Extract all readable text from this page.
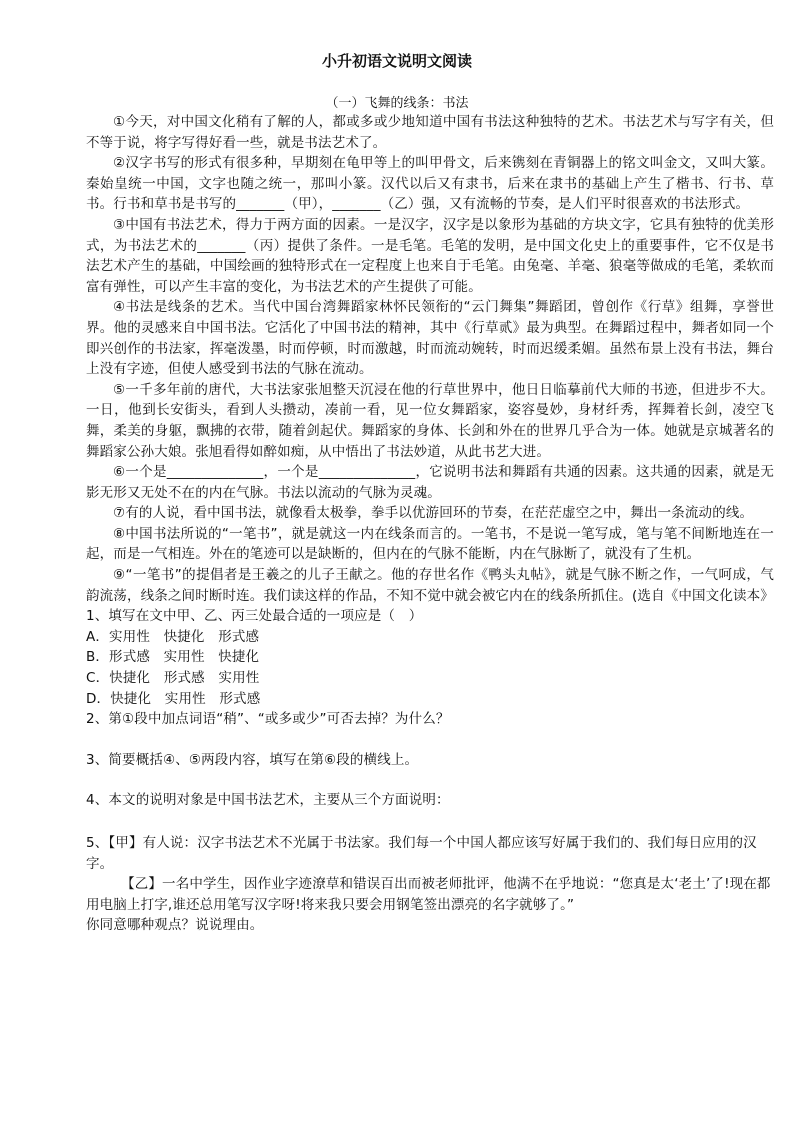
小升初语文说明文阅读
（一）飞舞的线条：书法

①今天，对中国文化稍有了解的人，都或多或少地知道中国有书法这种独特的艺术。书法艺术与写字有关，但不等于说，将字写得好看一些，就是书法艺术了。

②汉字书写的形式有很多种，早期刻在龟甲等上的叫甲骨文，后来镌刻在青铜器上的铭文叫金文，又叫大篆。秦始皇统一中国，文字也随之统一，那叫小篆。汉代以后又有隶书，后来在隶书的基础上产生了楷书、行书、草书。行书和草书是书写的_______（甲），_______（乙）强，又有流畅的节奏，是人们平时很喜欢的书法形式。

③中国有书法艺术，得力于两方面的因素。一是汉字，汉字是以象形为基础的方块文字，它具有独特的优美形式，为书法艺术的_______（丙）提供了条件。一是毛笔。毛笔的发明，是中国文化史上的重要事件，它不仅是书法艺术产生的基础，中国绘画的独特形式在一定程度上也来自于毛笔。由兔毫、羊毫、狼毫等做成的毛笔，柔软而富有弹性，可以产生丰富的变化，为书法艺术的产生提供了可能。

④书法是线条的艺术。当代中国台湾舞蹈家林怀民领衔的“云门舞集”舞蹈团，曾创作《行草》组舞，享誉世界。他的灵感来自中国书法。它活化了中国书法的精神，其中《行草贰》最为典型。在舞蹈过程中，舞者如同一个即兴创作的书法家，挥毫泼墨，时而停顿，时而激越，时而流动婉转，时而迟缓柔媚。虽然布景上没有书法，舞台上没有字迹，但使人感受到书法的气脉在流动。

⑤一千多年前的唐代，大书法家张旭整天沉浸在他的行草世界中，他日日临摹前代大师的书迹，但进步不大。一日，他到长安街头，看到人头攒动，凑前一看，见一位女舞蹈家，姿容曼妙，身材纤秀，挥舞着长剑，凌空飞舞，柔美的身躯，飘拂的衣带，随着剑起伏。舞蹈家的身体、长剑和外在的世界几乎合为一体。她就是京城著名的舞蹈家公孙大娘。张旭看得如醉如痴，从中悟出了书法妙道，从此书艺大进。

⑥一个是______________，一个是______________，它说明书法和舞蹈有共通的因素。这共通的因素，就是无影无形又无处不在的内在气脉。书法以流动的气脉为灵魂。

⑦有的人说，看中国书法，就像看太极拳，拳手以优游回环的节奏，在茫茫虚空之中，舞出一条流动的线。

⑧中国书法所说的“一笔书”，就是就这一内在线条而言的。一笔书，不是说一笔写成，笔与笔不间断地连在一起，而是一气相连。外在的笔迹可以是缺断的，但内在的气脉不能断，内在气脉断了，就没有了生机。

⑨“一笔书”的提倡者是王羲之的儿子王献之。他的存世名作《鸭头丸帖》，就是气脉不断之作，一气呵成，气韵流荡，线条之间时断时连。我们读这样的作品，不知不觉中就会被它内在的线条所抓住。(选自《中国文化读本》

1、填写在文中甲、乙、丙三处最合适的一项应是（　）

A．实用性　快捷化　形式感

B．形式感　实用性　快捷化

C．快捷化　形式感　实用性

D．快捷化　实用性　形式感

2、第①段中加点词语“稍”、“或多或少”可否去掉？为什么？

3、简要概括④、⑤两段内容，填写在第⑥段的横线上。

4、本文的说明对象是中国书法艺术，主要从三个方面说明：

5、【甲】有人说：汉字书法艺术不光属于书法家。我们每一个中国人都应该写好属于我们的、我们每日应用的汉字。

【乙】一名中学生，因作业字迹潦草和错误百出而被老师批评，他满不在乎地说：“您真是太‘老土’了!现在都用电脑上打字,谁还总用笔写汉字呀!将来我只要会用钢笔签出漂亮的名字就够了。”

你同意哪种观点？说说理由。
